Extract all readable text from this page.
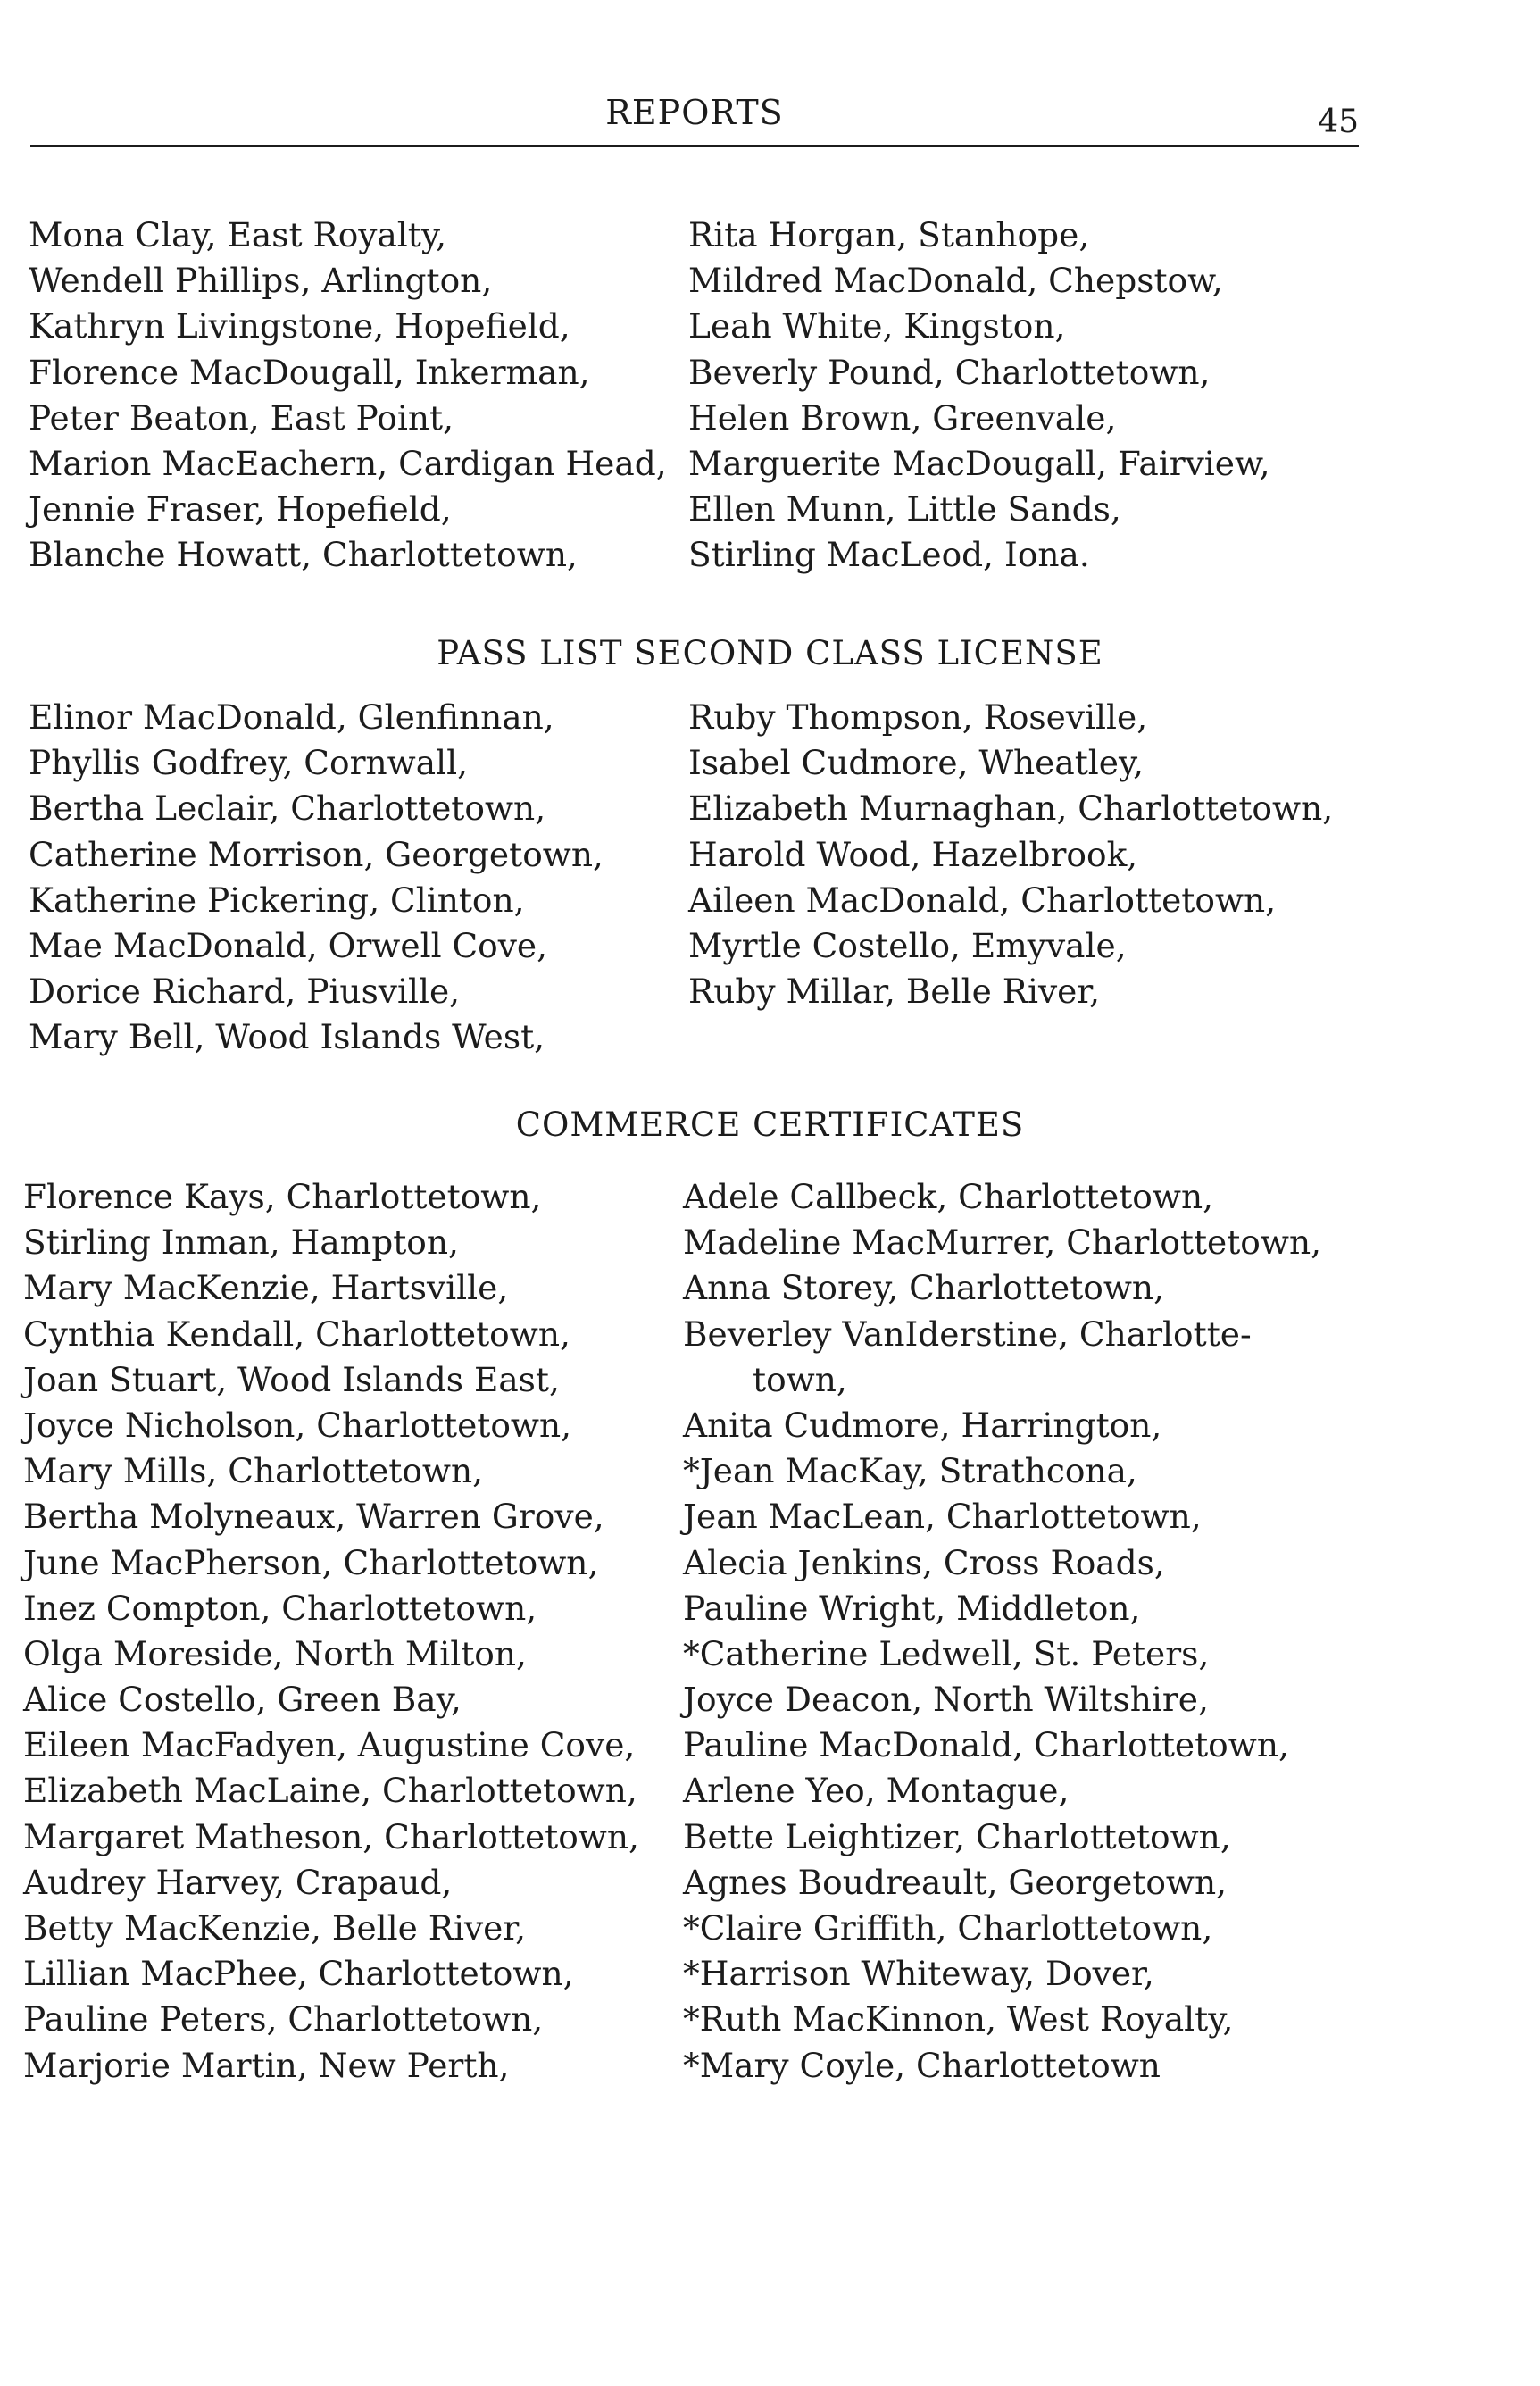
REPORTS	45
Mona Clay, East Royalty,
Wendell Phillips, Arlington,
Kathryn Livingstone, Hopefield,
Florence MacDougall, Inkerman,
Peter Beaton, East Point,
Marion MacEachern, Cardigan Head,
Jennie Fraser, Hopefield,
Blanche Howatt, Charlottetown,
Rita Horgan, Stanhope,
Mildred MacDonald, Chepstow,
Leah White, Kingston,
Beverly Pound, Charlottetown,
Helen Brown, Greenvale,
Marguerite MacDougall, Fairview,
Ellen Munn, Little Sands,
Stirling MacLeod, Iona.
PASS LIST SECOND CLASS LICENSE
Elinor MacDonald, Glenfinnan,
Phyllis Godfrey, Cornwall,
Bertha Leclair, Charlottetown,
Catherine Morrison, Georgetown,
Katherine Pickering, Clinton,
Mae MacDonald, Orwell Cove,
Dorice Richard, Piusville,
Mary Bell, Wood Islands West,
Ruby Thompson, Roseville,
Isabel Cudmore, Wheatley,
Elizabeth Murnaghan, Charlottetown,
Harold Wood, Hazelbrook,
Aileen MacDonald, Charlottetown,
Myrtle Costello, Emyvale,
Ruby Millar, Belle River,
COMMERCE CERTIFICATES
Florence Kays, Charlottetown,
Stirling Inman, Hampton,
Mary MacKenzie, Hartsville,
Cynthia Kendall, Charlottetown,
Joan Stuart, Wood Islands East,
Joyce Nicholson, Charlottetown,
Mary Mills, Charlottetown,
Bertha Molyneaux, Warren Grove,
June MacPherson, Charlottetown,
Inez Compton, Charlottetown,
Olga Moreside, North Milton,
Alice Costello, Green Bay,
Eileen MacFadyen, Augustine Cove,
Elizabeth MacLaine, Charlottetown,
Margaret Matheson, Charlottetown,
Audrey Harvey, Crapaud,
Betty MacKenzie, Belle River,
Lillian MacPhee, Charlottetown,
Pauline Peters, Charlottetown,
Marjorie Martin, New Perth,
Adele Callbeck, Charlottetown,
Madeline MacMurrer, Charlottetown,
Anna Storey, Charlottetown,
Beverley VanIderstine, Charlotte-
town,
Anita Cudmore, Harrington,
*Jean MacKay, Strathcona,
Jean MacLean, Charlottetown,
Alecia Jenkins, Cross Roads,
Pauline Wright, Middleton,
*Catherine Ledwell, St. Peters,
Joyce Deacon, North Wiltshire,
Pauline MacDonald, Charlottetown,
Arlene Yeo, Montague,
Bette Leightizer, Charlottetown,
Agnes Boudreault, Georgetown,
*Claire Griffith, Charlottetown,
*Harrison Whiteway, Dover,
*Ruth MacKinnon, West Royalty,
*Mary Coyle, Charlottetown
